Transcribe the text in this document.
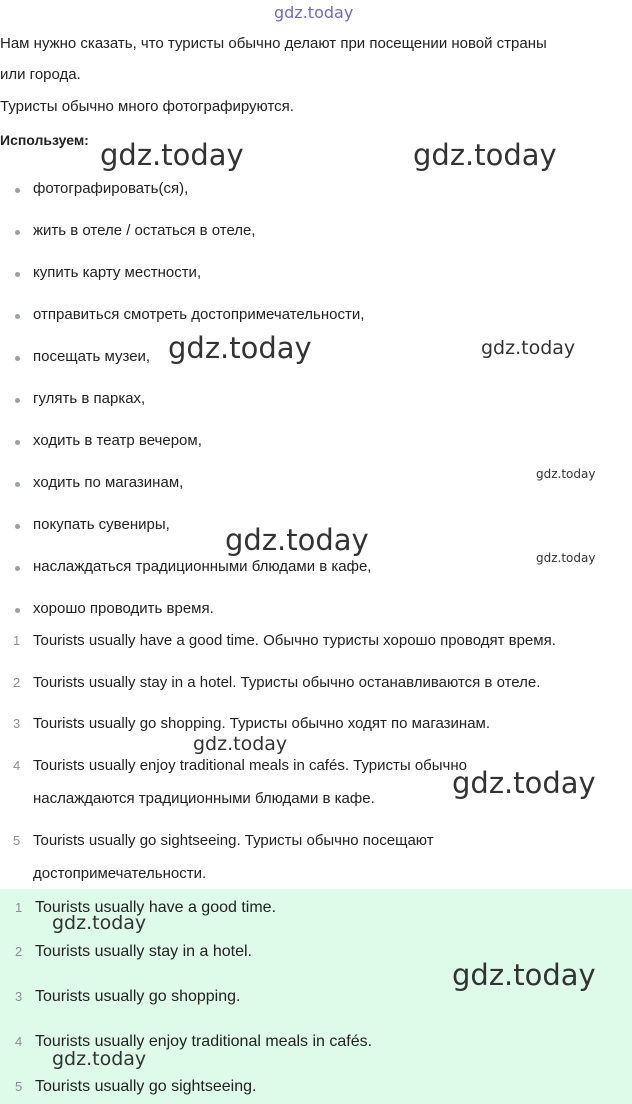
gdz.today
Нам нужно сказать, что туристы обычно делают при посещении новой страны
или города.
Туристы обычно много фотографируются.
Используем:
фотографировать(ся),
жить в отеле / остаться в отеле,
купить карту местности,
отправиться смотреть достопримечательности,
посещать музеи,
гулять в парках,
ходить в театр вечером,
ходить по магазинам,
покупать сувениры,
наслаждаться традиционными блюдами в кафе,
хорошо проводить время.
1 Tourists usually have a good time. Обычно туристы хорошо проводят время.
2 Tourists usually stay in a hotel. Туристы обычно останавливаются в отеле.
3 Tourists usually go shopping. Туристы обычно ходят по магазинам.
4 Tourists usually enjoy traditional meals in cafés. Туристы обычно
наслаждаются традиционными блюдами в кафе.
5 Tourists usually go sightseeing. Туристы обычно посещают
достопримечательности.
1 Tourists usually have a good time.
2 Tourists usually stay in a hotel.
3 Tourists usually go shopping.
4 Tourists usually enjoy traditional meals in cafés.
5 Tourists usually go sightseeing.
gdz.today	gdz.today
gdz.today	gdz.today
gdz.today
gdz.today
gdz.today
gdz.today
gdz.today
gdz.today
gdz.today
gdz.today
